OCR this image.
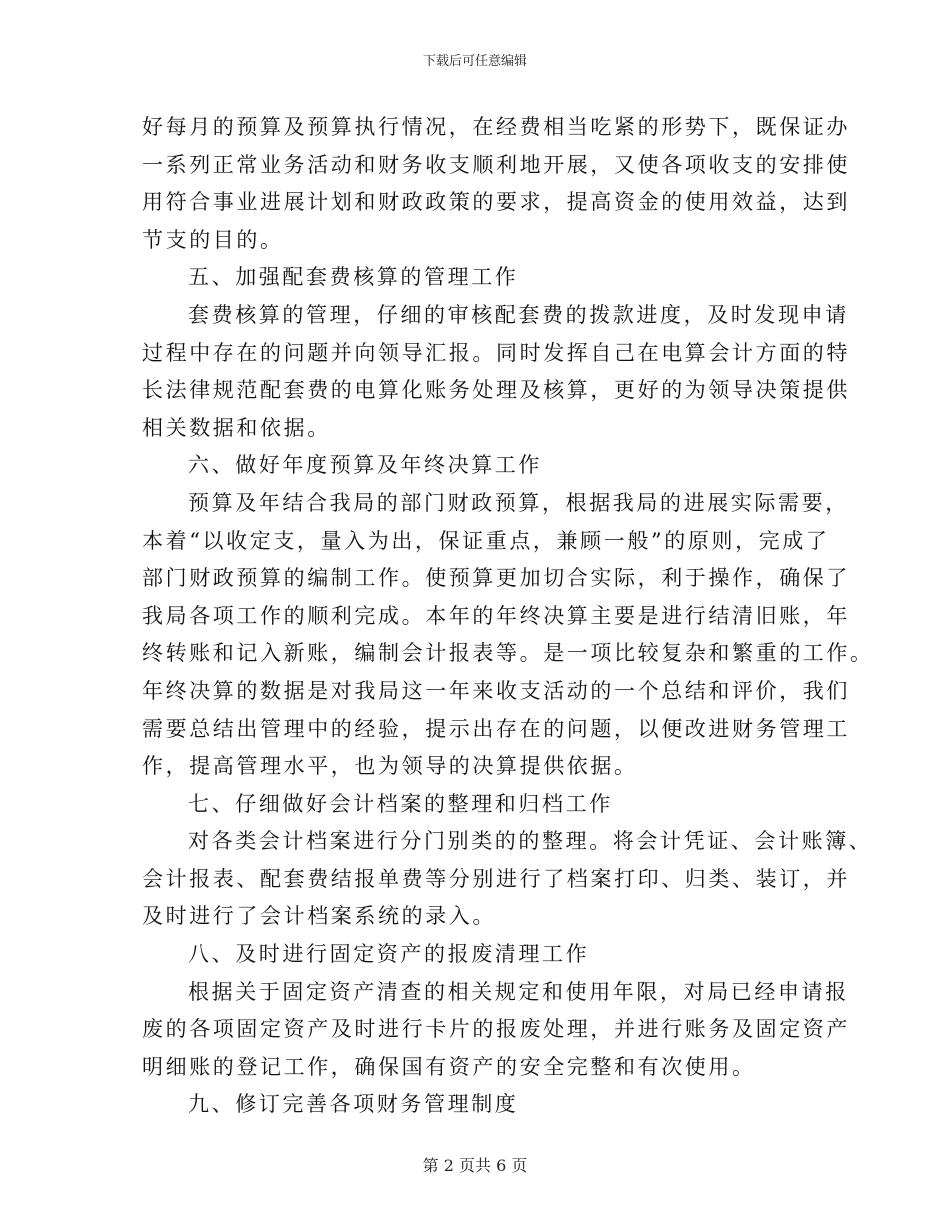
下载后可任意编辑
好每月的预算及预算执行情况，在经费相当吃紧的形势下，既保证办
一系列正常业务活动和财务收支顺利地开展，又使各项收支的安排使
用符合事业进展计划和财政政策的要求，提高资金的使用效益，达到
节支的目的。
五、加强配套费核算的管理工作
套费核算的管理，仔细的审核配套费的拨款进度，及时发现申请
过程中存在的问题并向领导汇报。同时发挥自己在电算会计方面的特
长法律规范配套费的电算化账务处理及核算，更好的为领导决策提供
相关数据和依据。
六、做好年度预算及年终决算工作
预算及年结合我局的部门财政预算，根据我局的进展实际需要，
本着“以收定支，量入为出，保证重点，兼顾一般”的原则，完成了
部门财政预算的编制工作。使预算更加切合实际，利于操作，确保了
我局各项工作的顺利完成。本年的年终决算主要是进行结清旧账，年
终转账和记入新账，编制会计报表等。是一项比较复杂和繁重的工作。
年终决算的数据是对我局这一年来收支活动的一个总结和评价，我们
需要总结出管理中的经验，提示出存在的问题，以便改进财务管理工
作，提高管理水平，也为领导的决算提供依据。
七、仔细做好会计档案的整理和归档工作
对各类会计档案进行分门别类的的整理。将会计凭证、会计账簿、
会计报表、配套费结报单费等分别进行了档案打印、归类、装订，并
及时进行了会计档案系统的录入。
八、及时进行固定资产的报废清理工作
根据关于固定资产清查的相关规定和使用年限，对局已经申请报
废的各项固定资产及时进行卡片的报废处理，并进行账务及固定资产
明细账的登记工作，确保国有资产的安全完整和有次使用。
九、修订完善各项财务管理制度
第 2 页共 6 页
